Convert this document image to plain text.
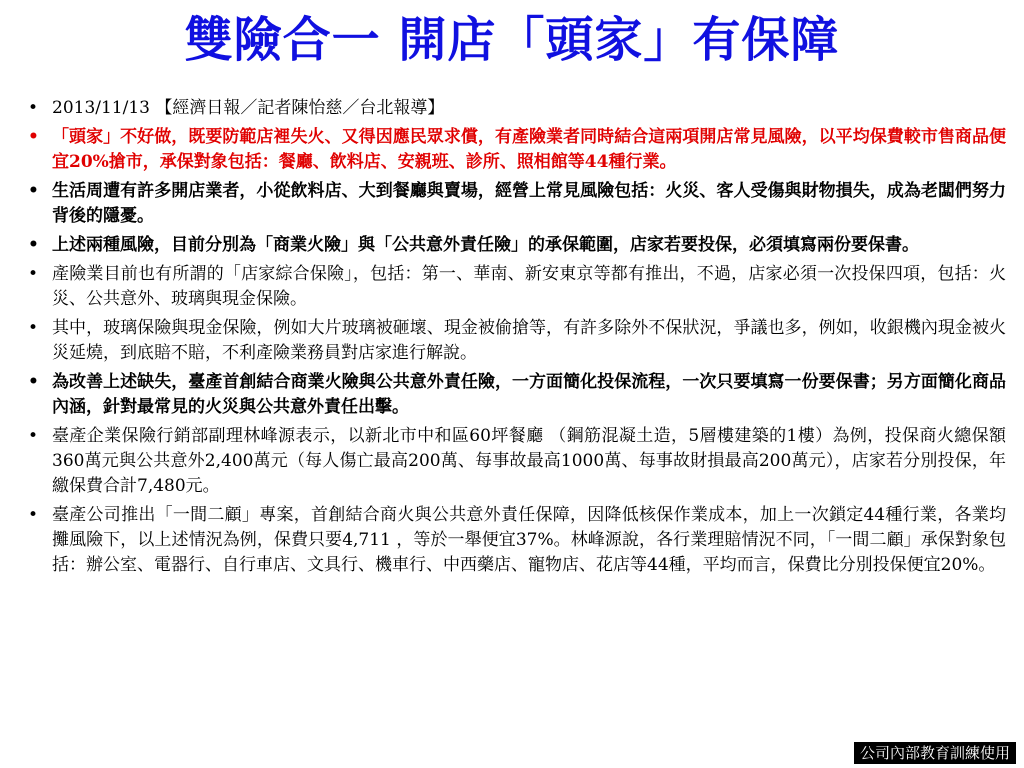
雙險合一 開店「頭家」有保障
• 2013/11/13 【經濟日報／記者陳怡慈／台北報導】
• 「頭家」不好做，既要防範店裡失火、又得因應民眾求償，有產險業者同時結合這兩項開店常見風險，以平均保費較市售商品便宜20%搶市，承保對象包括：餐廳、飲料店、安親班、診所、照相館等44種行業。
• 生活周遭有許多開店業者，小從飲料店、大到餐廳與賣場，經營上常見風險包括：火災、客人受傷與財物損失，成為老闆們努力背後的隱憂。
• 上述兩種風險，目前分別為「商業火險」與「公共意外責任險」的承保範圍，店家若要投保，必須填寫兩份要保書。
• 產險業目前也有所謂的「店家綜合保險」，包括：第一、華南、新安東京等都有推出，不過，店家必須一次投保四項，包括：火災、公共意外、玻璃與現金保險。
• 其中，玻璃保險與現金保險，例如大片玻璃被砸壞、現金被偷搶等，有許多除外不保狀況，爭議也多，例如，收銀機內現金被火災延燒，到底賠不賠，不利產險業務員對店家進行解說。
• 為改善上述缺失，臺產首創結合商業火險與公共意外責任險，一方面簡化投保流程，一次只要填寫一份要保書；另方面簡化商品內涵，針對最常見的火災與公共意外責任出擊。
• 臺產企業保險行銷部副理林峰源表示，以新北市中和區60坪餐廳 （鋼筋混凝土造，5層樓建築的1樓）為例，投保商火總保額360萬元與公共意外2,400萬元（每人傷亡最高200萬、每事故最高1000萬、每事故財損最高200萬元），店家若分別投保，年繳保費合計7,480元。
• 臺產公司推出「一間二顧」專案，首創結合商火與公共意外責任保障，因降低核保作業成本，加上一次鎖定44種行業，各業均攤風險下，以上述情況為例，保費只要4,711 ，等於一舉便宜37%。林峰源說，各行業理賠情況不同，「一間二顧」承保對象包括：辦公室、電器行、自行車店、文具行、機車行、中西藥店、寵物店、花店等44種，平均而言，保費比分別投保便宜20%。
公司內部教育訓練使用
